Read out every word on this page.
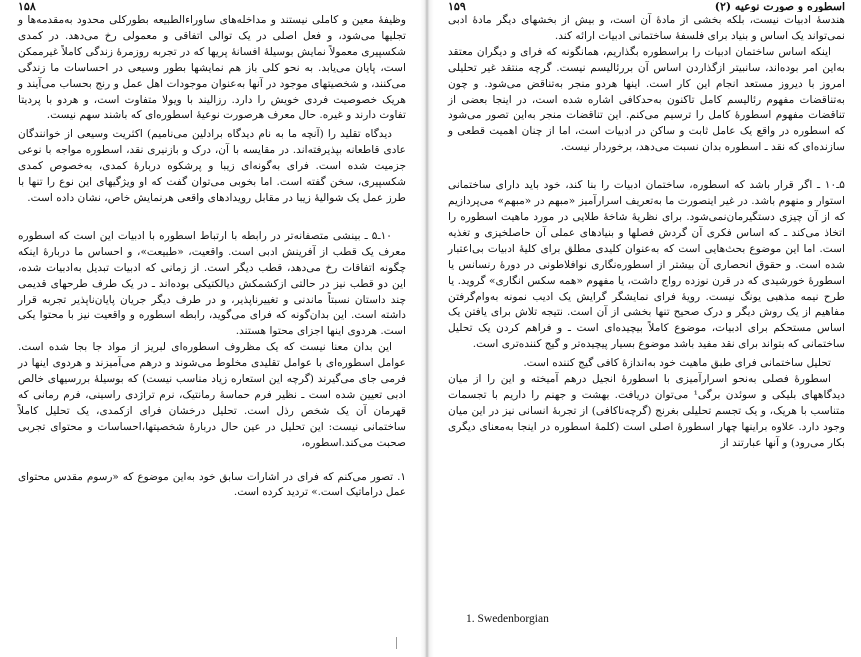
۱۵۸

وظیفهٔ معین و کاملی نیستند و مداخله‌های ساوراءالطبیعه بطورکلی محدود به‌مقدمه‌ها و تجلیها می‌شود، و فعل اصلی در یک توالی اتفاقی و معمولی رخ می‌دهد. در کمدی شکسپیری معمولاً نمایش بوسیلهٔ افسانهٔ پریها که در تجربه روزمرهٔ زندگی کاملاً غیرممکن است، پایان می‌یابد. به‌ نحو کلی باز هم نمایشها بطور وسیعی در احساسات ما زندگی می‌کنند، و شخصیتهای موجود در آنها به‌عنوان موجودات اهل عمل و رنج بحساب می‌آیند و هریک خصوصیت فردی خویش را دارد. رزالیند با ویولا متفاوت است، و هردو با پردیتا تفاوت دارند و غیره. حال معرف هرصورت نوعیهٔ اسطوره‌ای که باشند سهم نیست.

دیدگاه تقلید را (آنچه ما به‌ نام دیدگاه برادلین می‌نامیم) اکثریت وسیعی از خوانندگان عادی قاطعانه بپذیرفته‌اند. در مقایسه با آن، درک و بازنیری نقد، اسطوره مواجه با نوعی جزمیت شده است. فرای به‌گونه‌ای زیبا و پرشکوه دربارهٔ کمدی، به‌خصوص کمدی شکسپیری، سخن گفته است. اما بخوبی می‌توان گفت که او ویژگیهای این نوع را تنها با طرز عمل یک شوالیهٔ زیبا در مقابل رویدادهای واقعی هرنمایش خاص، نشان داده است.

۱۰ـ۵ ـ بینشی متصفانه‌تر در رابطه با ارتباط اسطوره با ادبیات این است که اسطوره معرف یک قطب از آفرینش ادبی است. واقعیت، «طبیعت»، و احساس ما دربارهٔ اینکه چگونه اتفاقات رخ می‌دهد، قطب دیگر است. از زمانی که ادبیات تبدیل به‌ادبیات شده، این دو قطب نیز در حالتی ازکشمکش دیالکتیکی بوده‌اند ـ در یک طرف طرحهای قدیمی چند داستان نسبتاً ماندنی و تغییرناپذیر، و در طرف دیگر جریان پایان‌ناپذیر تجربه قرار داشته است. این بدان‌گونه که فرای می‌گوید، رابطه اسطوره و واقعیت نیز با محتوا یکی است. هردوی اینها اجزای محتوا هستند.

این بدان معنا نیست که یک مظروف اسطوره‌ای لبریز از مواد جا‌ بجا شده است. عوامل اسطوره‌ای با عوامل تقلیدی مخلوط می‌شوند و درهم می‌آمیزند و هردوی اینها در فرمی جای می‌گیرند (گرچه این استعاره زیاد مناسب نیست) که بوسیلهٔ بررسیهای خالص ادبی تعیین شده است ـ نظیر فرم حماسهٔ رمانتیک، نرم تراژدی راسینی، فرم رمانی که قهرمان آن یک شخص رذل است. تحلیل درخشان فرای ازکمدی، یک تحلیل کاملاً ساختمانی نیست: این تحلیل در عین حال دربارهٔ شخصیتها،احساسات و محتوای تجربی صحبت می‌کند.اسطوره،

۱. تصور می‌کنم که فرای در اشارات سابق خود به‌این موضوع که «رسوم مقدس محتوای عمل دراماتیک است.» تردید کرده است.

اسطوره و صورت نوعیه (۲)
۱۵۹

هندسهٔ ادبیات نیست، بلکه بخشی از مادهٔ آن است، و بیش از بخشهای دیگر مادهٔ ادبی نمی‌تواند یک اساس و بنیاد برای فلسفهٔ ساختمانی ادبیات ارائه کند.

اینکه اساس ساختمان ادبیات را براسطوره بگذاریم، همانگونه که فرای و دیگران معتقد به‌این امر بوده‌اند، سانبیتر ازگذاردن اساس آن بررئالیسم نیست. گرچه منتقد غیر تحلیلی امروز با دیروز مستعد انجام این کار است. اینها هردو منجر به‌تناقض می‌شود. و چون به‌تناقضات مفهوم رئالیسم کامل تاکنون به‌حدکافی اشاره شده است، در اینجا بعضی از تناقضات مفهوم اسطورهٔ کامل را ترسیم می‌کنم. این تناقضات منجر به‌این تصور می‌شود که اسطوره در واقع یک عامل ثابت و ساکن در ادبیات است، اما از چنان اهمیت قطعی و سازنده‌ای که نقد ـ اسطوره بدان نسبت می‌دهد، برخوردار نیست.

۵ـ۱۰ ـ اگر قرار باشد که اسطوره، ساختمان ادبیات را بنا کند، خود باید دارای ساختمانی استوار و منهوم باشد. در غیر اینصورت ما به‌تعریف اسرار‌آمیز «مبهم در «مبهم» می‌پردازیم که از آن چیزی دستگیرمان‌نمی‌شود. برای نظریهٔ شاخهٔ طلایی در مورد ماهیت اسطوره را اتخاذ می‌کند ـ که اساس فکری آن گردش فصلها و بنیادهای عملی آن حاصلخیزی و تغذیه است. اما این موضوع بحث‌هایی است که به‌عنوان کلیدی مطلق برای کلیهٔ ادبیات بی‌اعتبار شده است. و حقوق انحصاری آن بیشتر از اسطوره‌نگاری نوافلاطونی در دورهٔ رنسانس یا اسطورهٔ خورشیدی که در قرن نوزده رواج داشت، یا مفهوم «همه سکس انگاری» گروید. یا طرح نیمه مذهبی یونگ نیست. رویهٔ فرای نمایشگر گرایش یک ادیب نمونه به‌وام‌گرفتن مفاهیم از یک روش دیگر و درک صحیح تنها بخشی از آن است. نتیجه تلاش برای یافتن یک اساس مستحکم برای ادبیات، موضوع کاملاً بیچیده‌ای است ـ و فراهم کردن یک تحلیل ساختمانی که بتواند برای نقد مفید باشد موضوع بسیار پیچیده‌تر و گیج کننده‌تری است.

تحلیل ساختمانی فرای طبق ماهیت خود به‌اندازهٔ کافی گیج کننده است.

اسطورهٔ فصلی به‌نحو اسرار‌آمیزی با اسطورهٔ انجیل درهم آمیخته و این را از میان دیدگاههای بلیکی و سوئدن برگی¹ می‌توان دریافت. بهشت و جهنم را داریم با تجسمات متناسب با هریک، و یک تجسم تحلیلی بغرنج (گرچه‌ناکافی) از تجربهٔ انسانی نیز در این میان وجود دارد. علاوه براینها چهار اسطورهٔ اصلی است (کلمهٔ اسطوره در اینجا به‌معنای دیگری بکار می‌رود) و آنها عبارتند از

1. Swedenborgian
